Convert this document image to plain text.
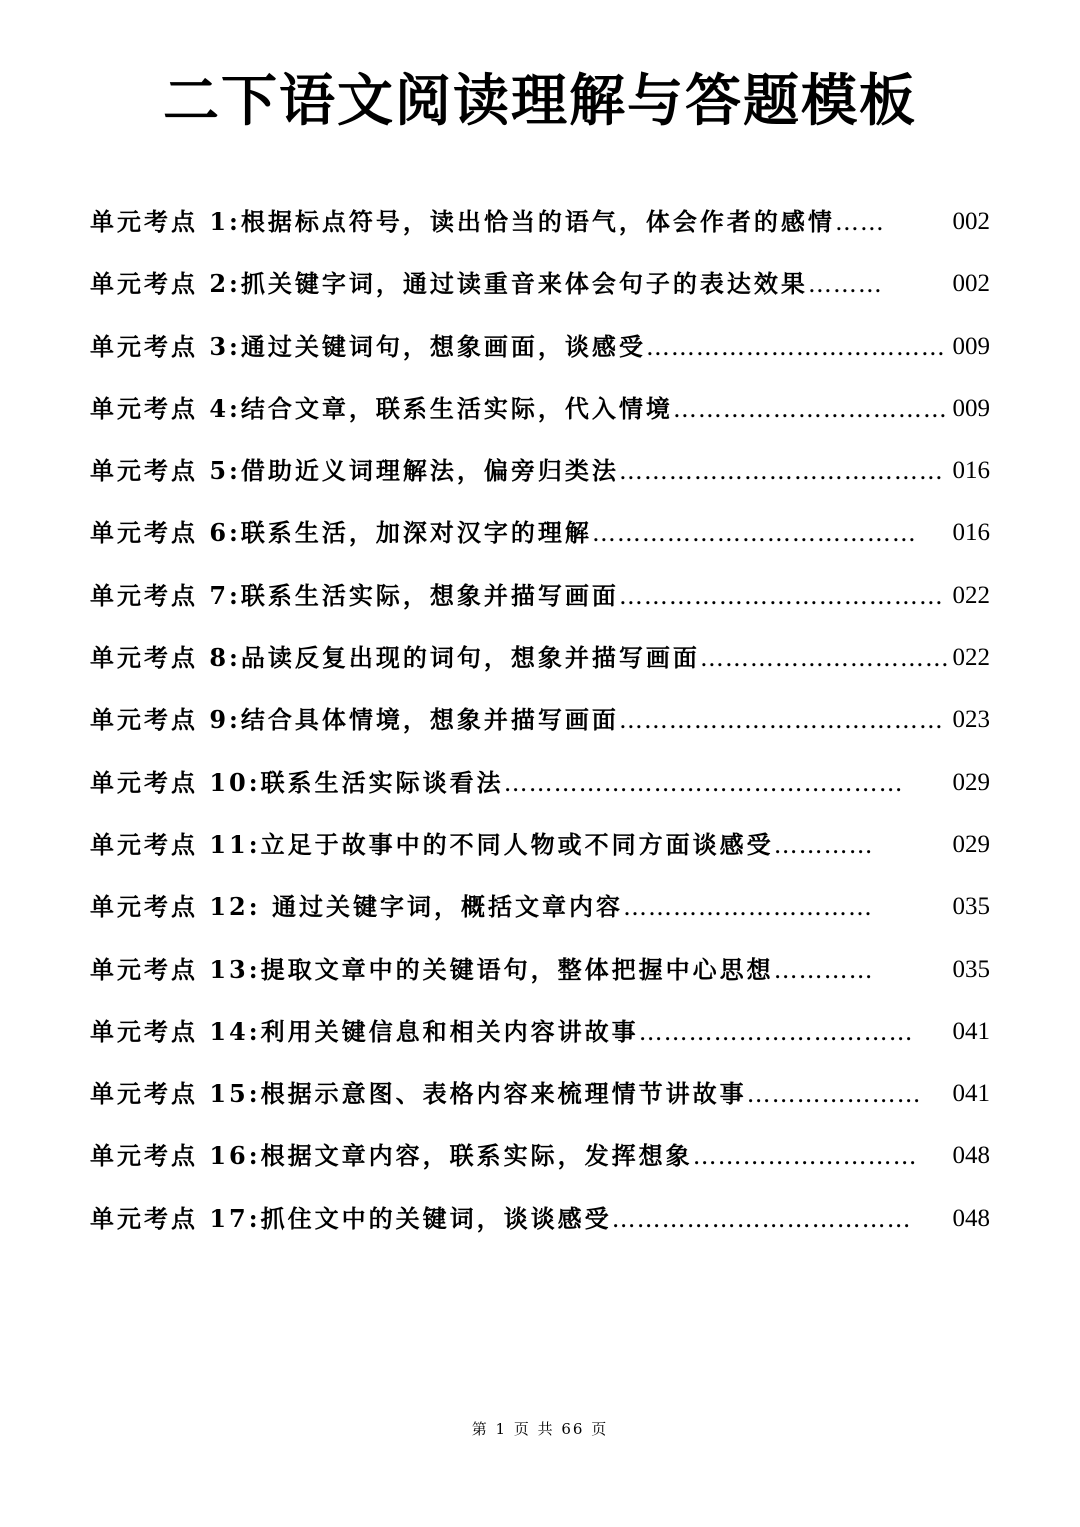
二下语文阅读理解与答题模板
单元考点 1:根据标点符号，读出恰当的语气，体会作者的感情 ……	002
单元考点 2:抓关键字词，通过读重音来体会句子的表达效果 ………	002
单元考点 3:通过关键词句，想象画面，谈感受 ……………………………… 009
单元考点 4:结合文章，联系生活实际，代入情境 …………………………… 009
单元考点 5:借助近义词理解法，偏旁归类法 ………………………………… 016
单元考点 6:联系生活，加深对汉字的理解 …………………………………	016
单元考点 7:联系生活实际，想象并描写画面 ………………………………… 022
单元考点 8:品读反复出现的词句，想象并描写画面 ………………………… 022
单元考点 9:结合具体情境，想象并描写画面 ………………………………… 023
单元考点 10:联系生活实际谈看法 …………………………………………	029
单元考点 11:立足于故事中的不同人物或不同方面谈感受 …………	029
单元考点 12: 通过关键字词，概括文章内容 …………………………	035
单元考点 13:提取文章中的关键语句，整体把握中心思想 …………	035
单元考点 14:利用关键信息和相关内容讲故事 ……………………………	041
单元考点 15:根据示意图、表格内容来梳理情节讲故事 …………………	041
单元考点 16:根据文章内容，联系实际，发挥想象 ………………………	048
单元考点 17:抓住文中的关键词，谈谈感受 ………………………………	048
第 1 页 共 66 页
